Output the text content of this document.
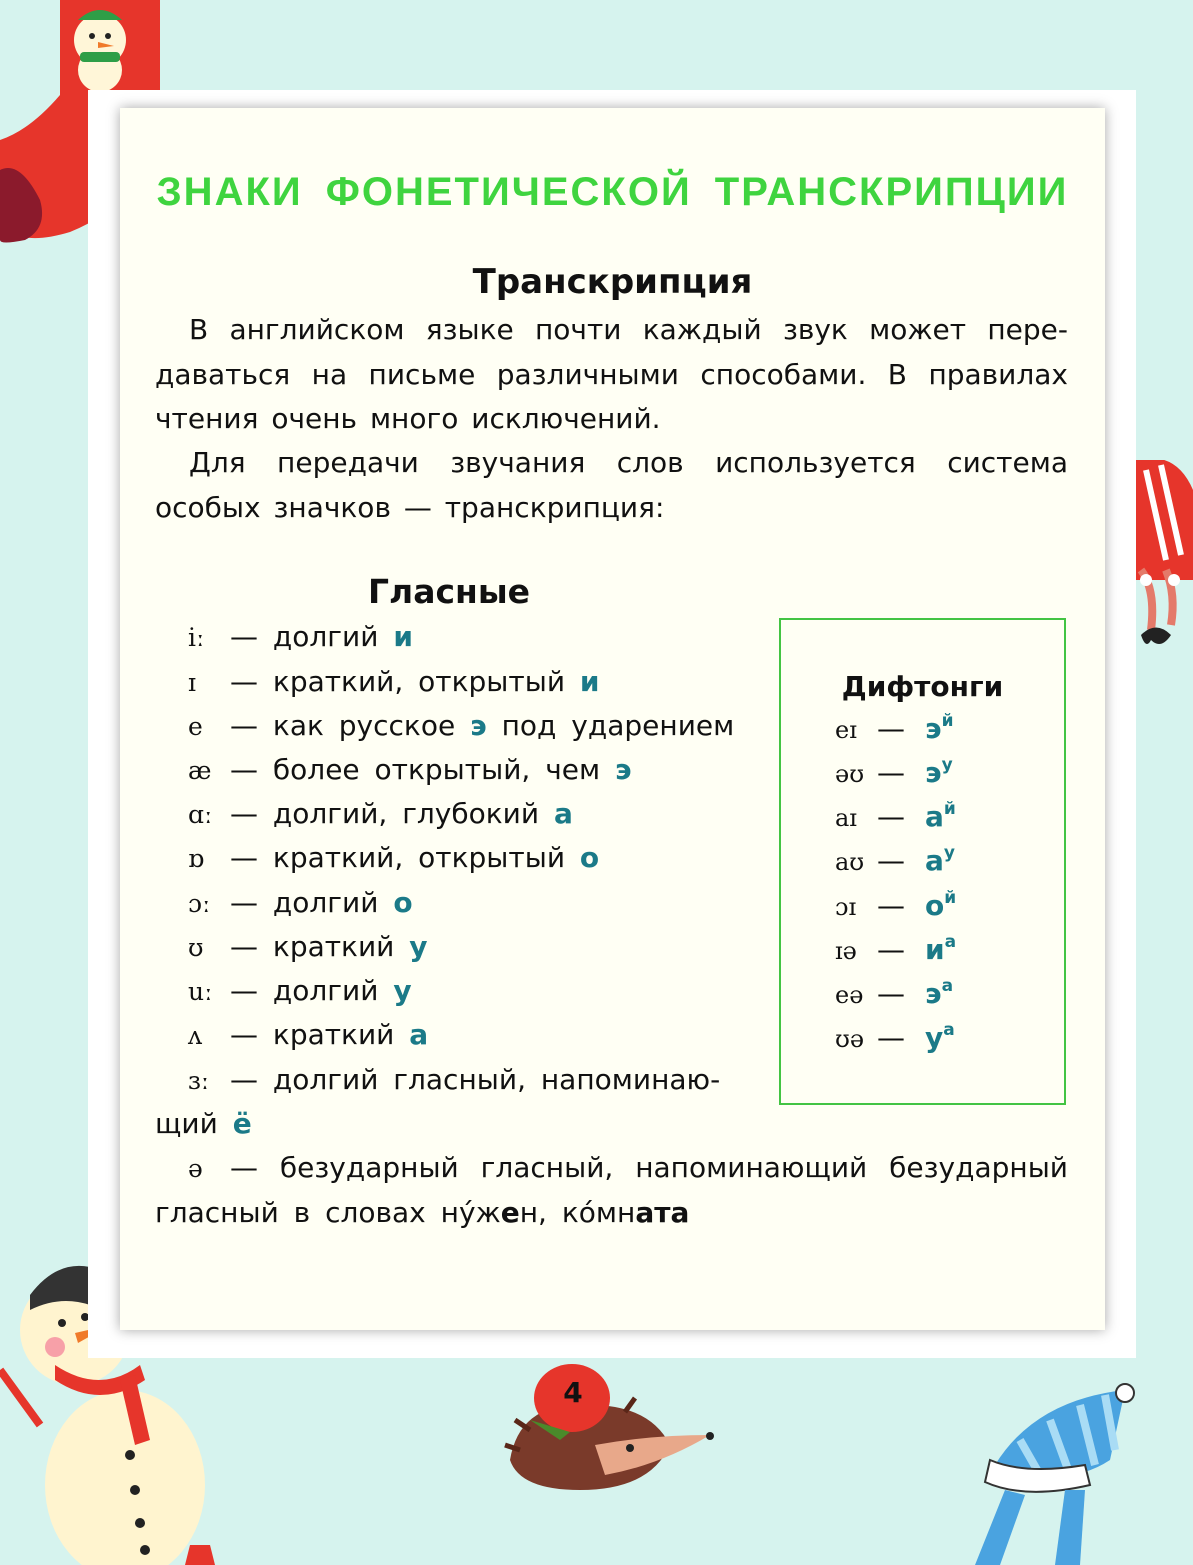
ЗНАКИ ФОНЕТИЧЕСКОЙ ТРАНСКРИПЦИИ
Транскрипция

В английском языке почти каждый звук может пере-

даваться на письме различными способами. В правилах

чтения очень много исключений.

Для передачи звучания слов используется система

особых значков — транскрипция:

Гласные
iː — долгий и
ɪ — краткий, открытый и
e — как русское э под ударением
æ — более открытый, чем э
ɑː — долгий, глубокий а
ɒ — краткий, открытый о
ɔː — долгий о
ʊ — краткий у
uː — долгий у
ʌ — краткий а
ɜː — долгий гласный, напоминаю-
щий ё
ə — безударный гласный, напоминающий безударный
гласный в словах ну́жен, ко́мната
Дифтонги
eɪ — $э^й$
əʊ — $э^у$
aɪ — $а^й$
aʊ — $а^у$
ɔɪ — $о^й$
ɪə — $и^а$
eə — $э^а$
ʊə — $у^а$
4
